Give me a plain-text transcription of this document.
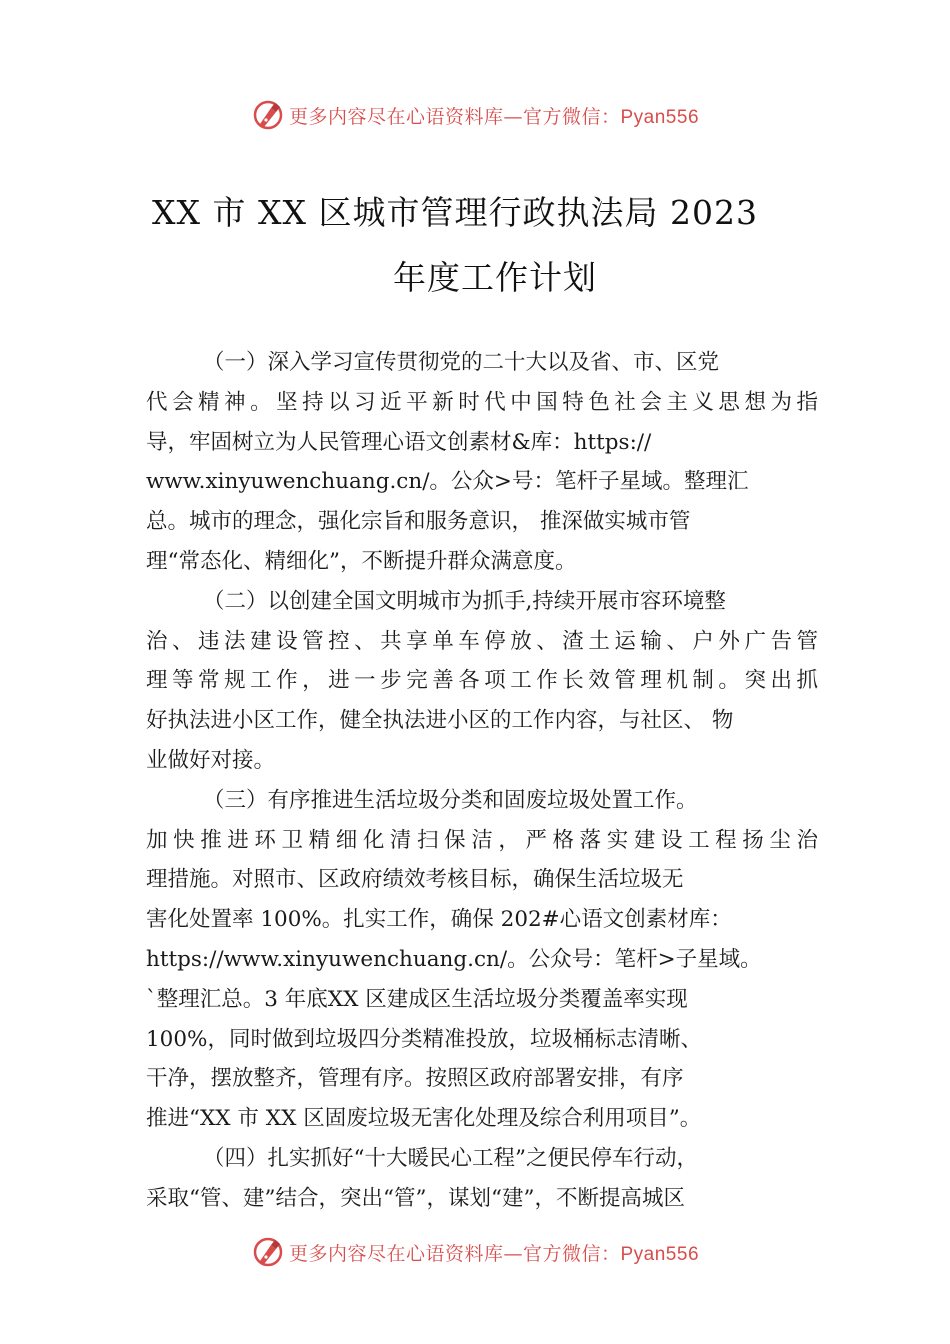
更多内容尽在心语资料库—官方微信：Pyan556
XX 市 XX 区城市管理行政执法局 2023
年度工作计划
（一）深入学习宣传贯彻党的二十大以及省、市、区党
代会精神。坚持以习近平新时代中国特色社会主义思想为指
导，牢固树立为人民管理心语文创素材&库：https://
www.xinyuwenchuang.cn/。公众>号：笔杆子星域。整理汇
总。城市的理念，强化宗旨和服务意识， 推深做实城市管
理“常态化、精细化”，不断提升群众满意度。
（二）以创建全国文明城市为抓手,持续开展市容环境整
治、违法建设管控、共享单车停放、渣土运输、户外广告管
理等常规工作，进一步完善各项工作长效管理机制。突出抓
好执法进小区工作，健全执法进小区的工作内容，与社区、 物
业做好对接。
（三）有序推进生活垃圾分类和固废垃圾处置工作。
加快推进环卫精细化清扫保洁，严格落实建设工程扬尘治
理措施。对照市、区政府绩效考核目标，确保生活垃圾无
害化处置率 100%。扎实工作，确保 202#心语文创素材库：
https://www.xinyuwenchuang.cn/。公众号：笔杆>子星域。
`整理汇总。3 年底XX 区建成区生活垃圾分类覆盖率实现
100%，同时做到垃圾四分类精准投放，垃圾桶标志清晰、
干净，摆放整齐，管理有序。按照区政府部署安排，有序
推进“XX 市 XX 区固废垃圾无害化处理及综合利用项目”。
（四）扎实抓好“十大暖民心工程”之便民停车行动，
采取“管、建”结合，突出“管”，谋划“建”，不断提高城区
更多内容尽在心语资料库—官方微信：Pyan556
